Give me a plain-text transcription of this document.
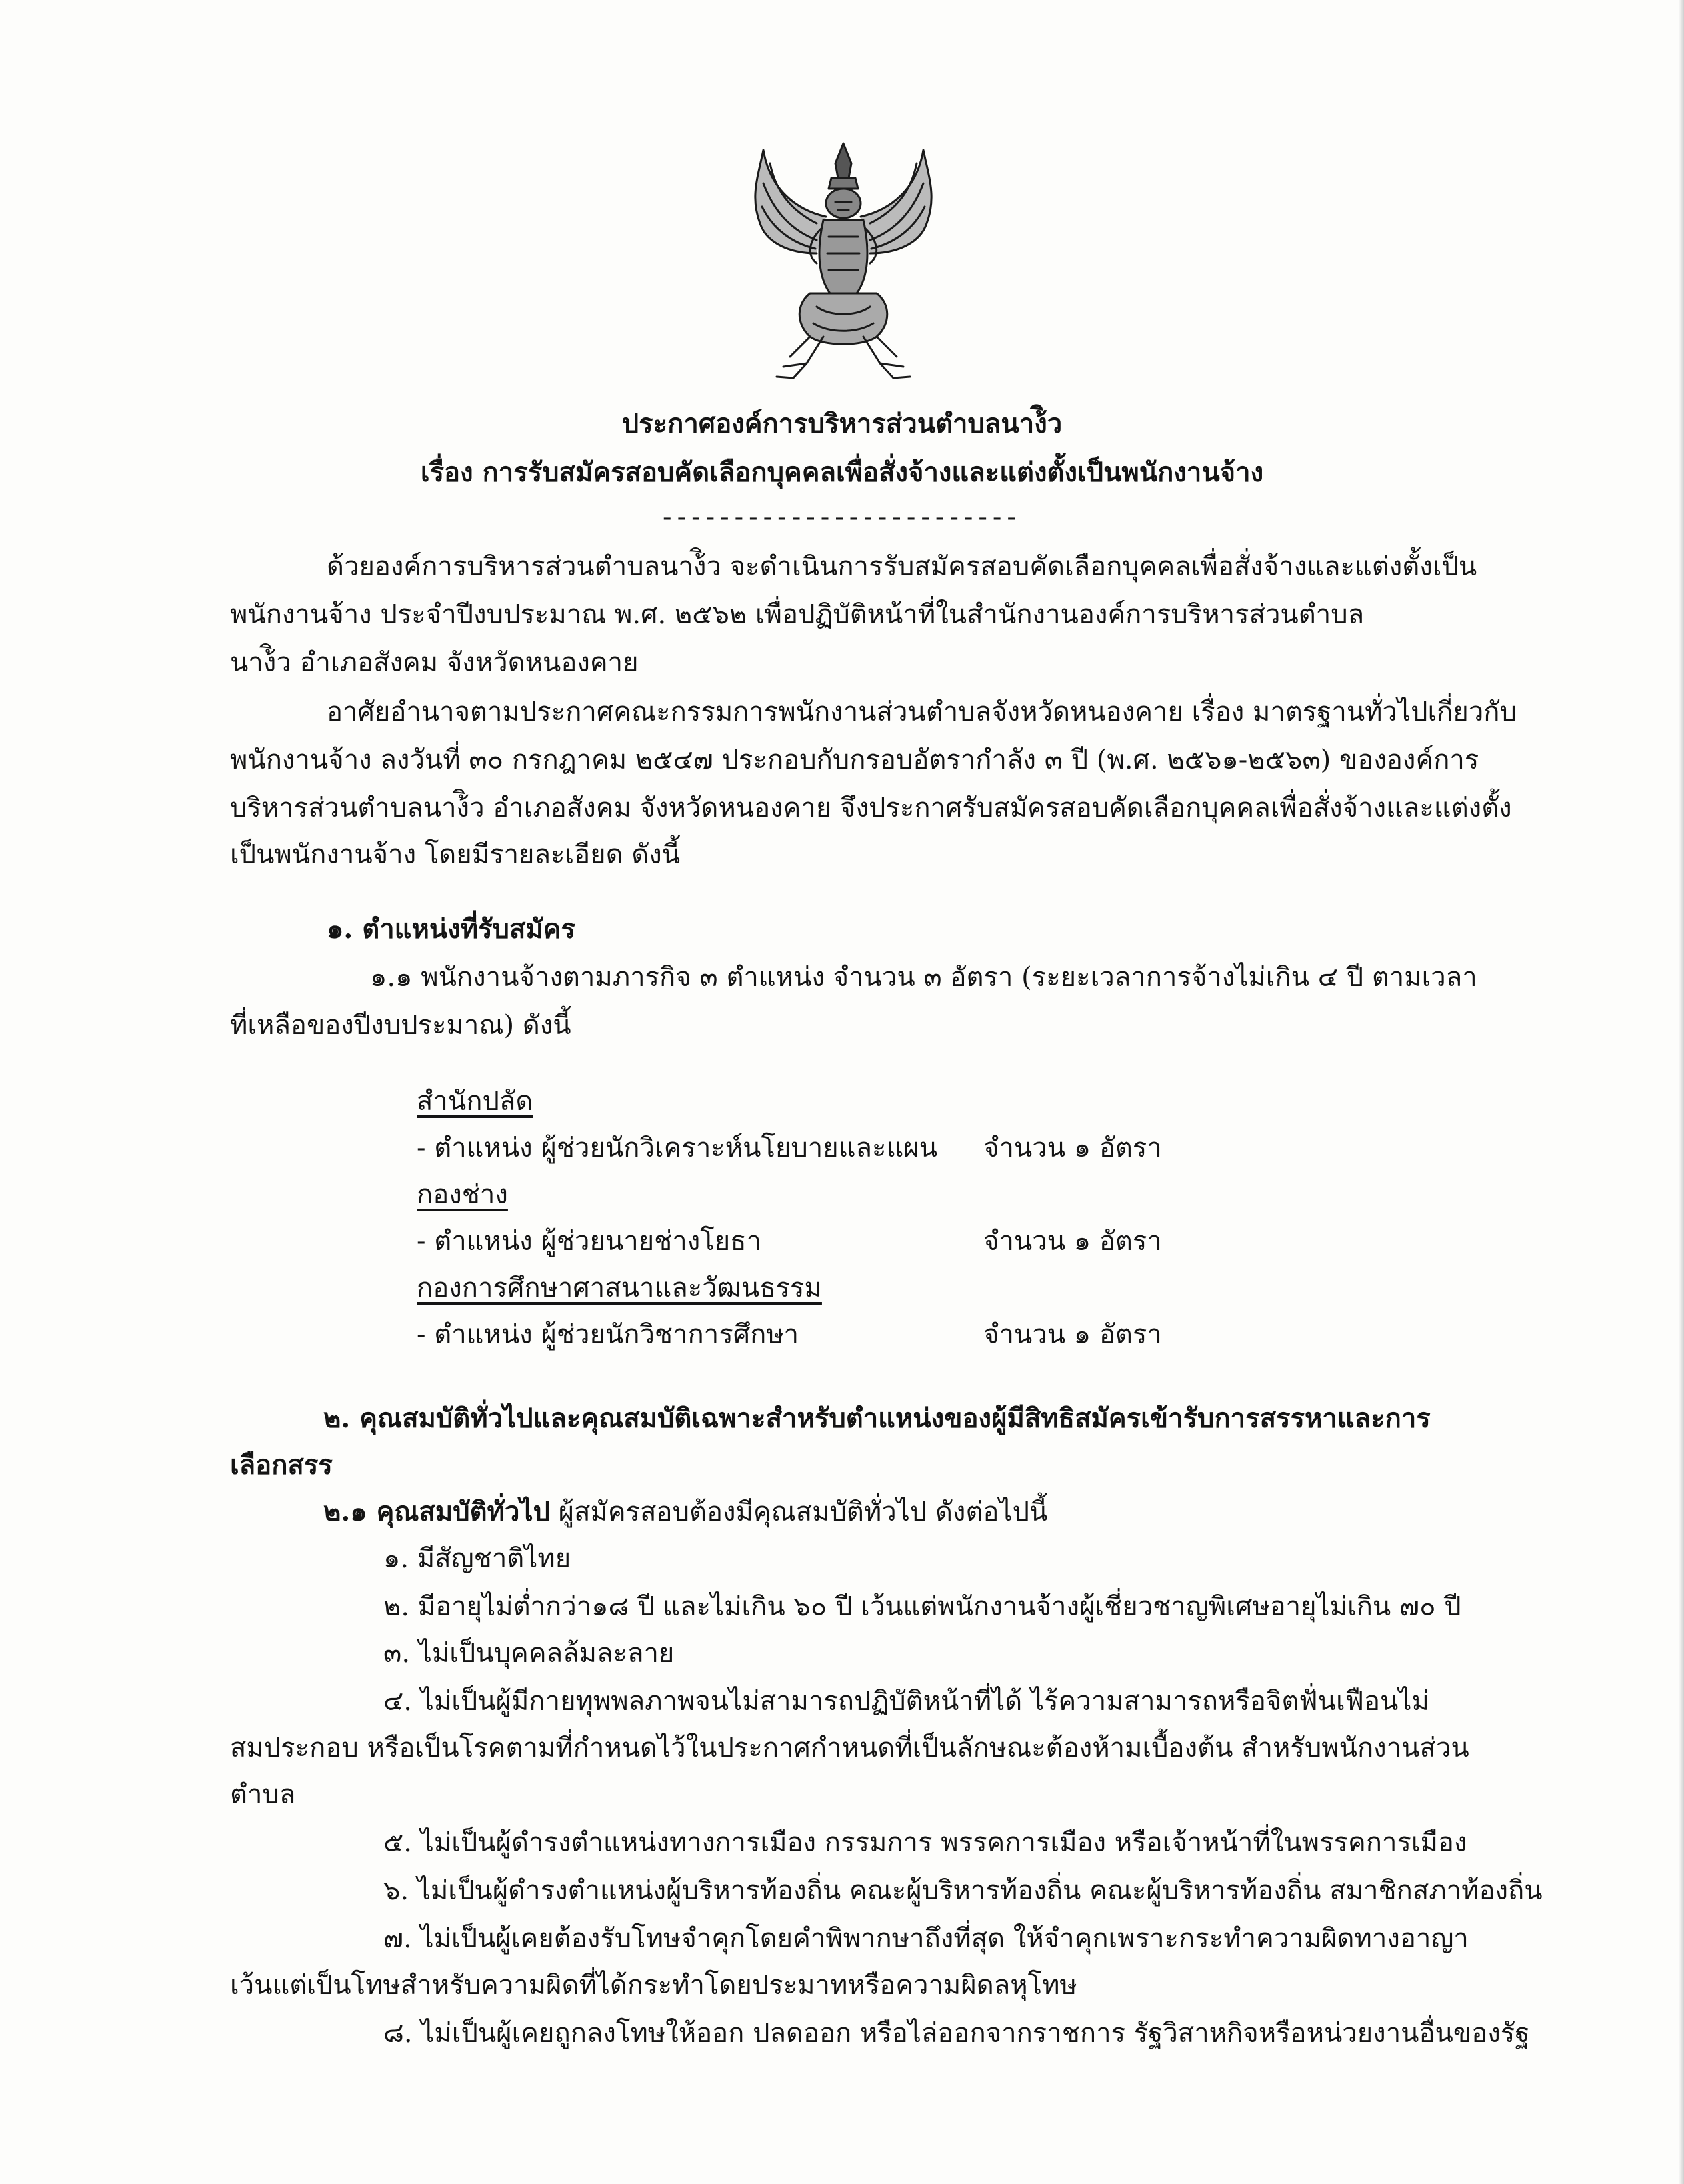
ประกาศองค์การบริหารส่วนตำบลนาง้ิว
เรื่อง การรับสมัครสอบคัดเลือกบุคคลเพื่อสั่งจ้างและแต่งตั้งเป็นพนักงานจ้าง
-------------------------
ด้วยองค์การบริหารส่วนตำบลนาง้ิว จะดำเนินการรับสมัครสอบคัดเลือกบุคคลเพื่อสั่งจ้างและแต่งตั้งเป็น
พนักงานจ้าง ประจำปีงบประมาณ พ.ศ. ๒๕๖๒ เพื่อปฏิบัติหน้าที่ในสำนักงานองค์การบริหารส่วนตำบล
นาง้ิว อำเภอสังคม จังหวัดหนองคาย
อาศัยอำนาจตามประกาศคณะกรรมการพนักงานส่วนตำบลจังหวัดหนองคาย เรื่อง มาตรฐานทั่วไปเกี่ยวกับ
พนักงานจ้าง ลงวันที่ ๓๐ กรกฎาคม ๒๕๔๗ ประกอบกับกรอบอัตรากำลัง ๓ ปี (พ.ศ. ๒๕๖๑-๒๕๖๓) ขององค์การ
บริหารส่วนตำบลนาง้ิว อำเภอสังคม จังหวัดหนองคาย จึงประกาศรับสมัครสอบคัดเลือกบุคคลเพื่อสั่งจ้างและแต่งตั้ง
เป็นพนักงานจ้าง โดยมีรายละเอียด ดังนี้
๑. ตำแหน่งที่รับสมัคร
๑.๑ พนักงานจ้างตามภารกิจ ๓ ตำแหน่ง จำนวน ๓ อัตรา (ระยะเวลาการจ้างไม่เกิน ๔ ปี ตามเวลา
ที่เหลือของปีงบประมาณ) ดังนี้
สำนักปลัด
- ตำแหน่ง ผู้ช่วยนักวิเคราะห์นโยบายและแผน จำนวน ๑ อัตรา
กองช่าง
- ตำแหน่ง ผู้ช่วยนายช่างโยธา	จำนวน ๑ อัตรา
กองการศึกษาศาสนาและวัฒนธรรม
- ตำแหน่ง ผู้ช่วยนักวิชาการศึกษา	จำนวน ๑ อัตรา
๒. คุณสมบัติทั่วไปและคุณสมบัติเฉพาะสำหรับตำแหน่งของผู้มีสิทธิสมัครเข้ารับการสรรหาและการ
เลือกสรร
๒.๑ คุณสมบัติทั่วไป ผู้สมัครสอบต้องมีคุณสมบัติทั่วไป ดังต่อไปนี้
๑. มีสัญชาติไทย
๒. มีอายุไม่ต่ำกว่า๑๘ ปี และไม่เกิน ๖๐ ปี เว้นแต่พนักงานจ้างผู้เชี่ยวชาญพิเศษอายุไม่เกิน ๗๐ ปี
๓. ไม่เป็นบุคคลล้มละลาย
๔. ไม่เป็นผู้มีกายทุพพลภาพจนไม่สามารถปฏิบัติหน้าที่ได้ ไร้ความสามารถหรือจิตฟั่นเฟือนไม่
สมประกอบ หรือเป็นโรคตามที่กำหนดไว้ในประกาศกำหนดที่เป็นลักษณะต้องห้ามเบื้องต้น สำหรับพนักงานส่วน
ตำบล
๕. ไม่เป็นผู้ดำรงตำแหน่งทางการเมือง กรรมการ พรรคการเมือง หรือเจ้าหน้าที่ในพรรคการเมือง
๖. ไม่เป็นผู้ดำรงตำแหน่งผู้บริหารท้องถิ่น คณะผู้บริหารท้องถิ่น คณะผู้บริหารท้องถิ่น สมาชิกสภาท้องถิ่น
๗. ไม่เป็นผู้เคยต้องรับโทษจำคุกโดยคำพิพากษาถึงที่สุด ให้จำคุกเพราะกระทำความผิดทางอาญา
เว้นแต่เป็นโทษสำหรับความผิดที่ได้กระทำโดยประมาทหรือความผิดลหุโทษ
๘. ไม่เป็นผู้เคยถูกลงโทษให้ออก ปลดออก หรือไล่ออกจากราชการ รัฐวิสาหกิจหรือหน่วยงานอื่นของรัฐ
